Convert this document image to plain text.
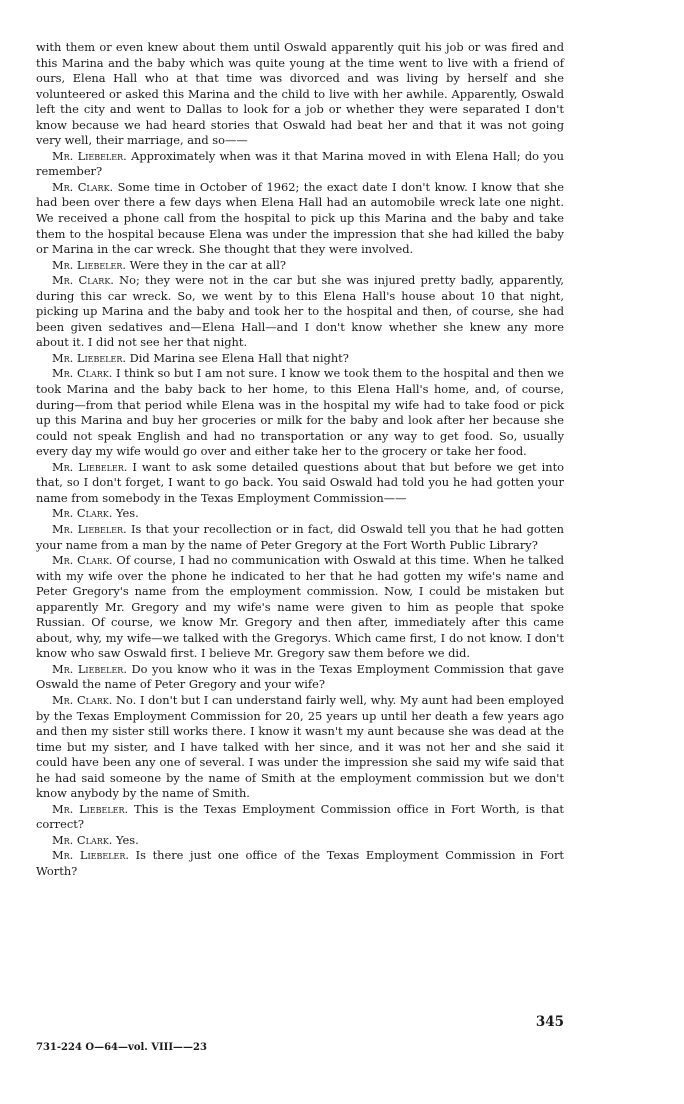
with them or even knew about them until Oswald apparently quit his job or was fired and this Marina and the baby which was quite young at the time went to live with a friend of ours, Elena Hall who at that time was divorced and was living by herself and she volunteered or asked this Marina and the child to live with her awhile. Apparently, Oswald left the city and went to Dallas to look for a job or whether they were separated I don't know because we had heard stories that Oswald had beat her and that it was not going very well, their marriage, and so——

Mr. Liebeler. Approximately when was it that Marina moved in with Elena Hall; do you remember?

Mr. Clark. Some time in October of 1962; the exact date I don't know. I know that she had been over there a few days when Elena Hall had an automobile wreck late one night. We received a phone call from the hospital to pick up this Marina and the baby and take them to the hospital because Elena was under the impression that she had killed the baby or Marina in the car wreck. She thought that they were involved.

Mr. Liebeler. Were they in the car at all?

Mr. Clark. No; they were not in the car but she was injured pretty badly, apparently, during this car wreck. So, we went by to this Elena Hall's house about 10 that night, picking up Marina and the baby and took her to the hospital and then, of course, she had been given sedatives and—Elena Hall—and I don't know whether she knew any more about it. I did not see her that night.

Mr. Liebeler. Did Marina see Elena Hall that night?

Mr. Clark. I think so but I am not sure. I know we took them to the hospital and then we took Marina and the baby back to her home, to this Elena Hall's home, and, of course, during—from that period while Elena was in the hospital my wife had to take food or pick up this Marina and buy her groceries or milk for the baby and look after her because she could not speak English and had no transportation or any way to get food. So, usually every day my wife would go over and either take her to the grocery or take her food.

Mr. Liebeler. I want to ask some detailed questions about that but before we get into that, so I don't forget, I want to go back. You said Oswald had told you he had gotten your name from somebody in the Texas Employment Commission——

Mr. Clark. Yes.

Mr. Liebeler. Is that your recollection or in fact, did Oswald tell you that he had gotten your name from a man by the name of Peter Gregory at the Fort Worth Public Library?

Mr. Clark. Of course, I had no communication with Oswald at this time. When he talked with my wife over the phone he indicated to her that he had gotten my wife's name and Peter Gregory's name from the employment commission. Now, I could be mistaken but apparently Mr. Gregory and my wife's name were given to him as people that spoke Russian. Of course, we know Mr. Gregory and then after, immediately after this came about, why, my wife—we talked with the Gregorys. Which came first, I do not know. I don't know who saw Oswald first. I believe Mr. Gregory saw them before we did.

Mr. Liebeler. Do you know who it was in the Texas Employment Commission that gave Oswald the name of Peter Gregory and your wife?

Mr. Clark. No. I don't but I can understand fairly well, why. My aunt had been employed by the Texas Employment Commission for 20, 25 years up until her death a few years ago and then my sister still works there. I know it wasn't my aunt because she was dead at the time but my sister, and I have talked with her since, and it was not her and she said it could have been any one of several. I was under the impression she said my wife said that he had said someone by the name of Smith at the employment commission but we don't know anybody by the name of Smith.

Mr. Liebeler. This is the Texas Employment Commission office in Fort Worth, is that correct?

Mr. Clark. Yes.

Mr. Liebeler. Is there just one office of the Texas Employment Commission in Fort Worth?

345
731-224 O—64—vol. VIII——23
